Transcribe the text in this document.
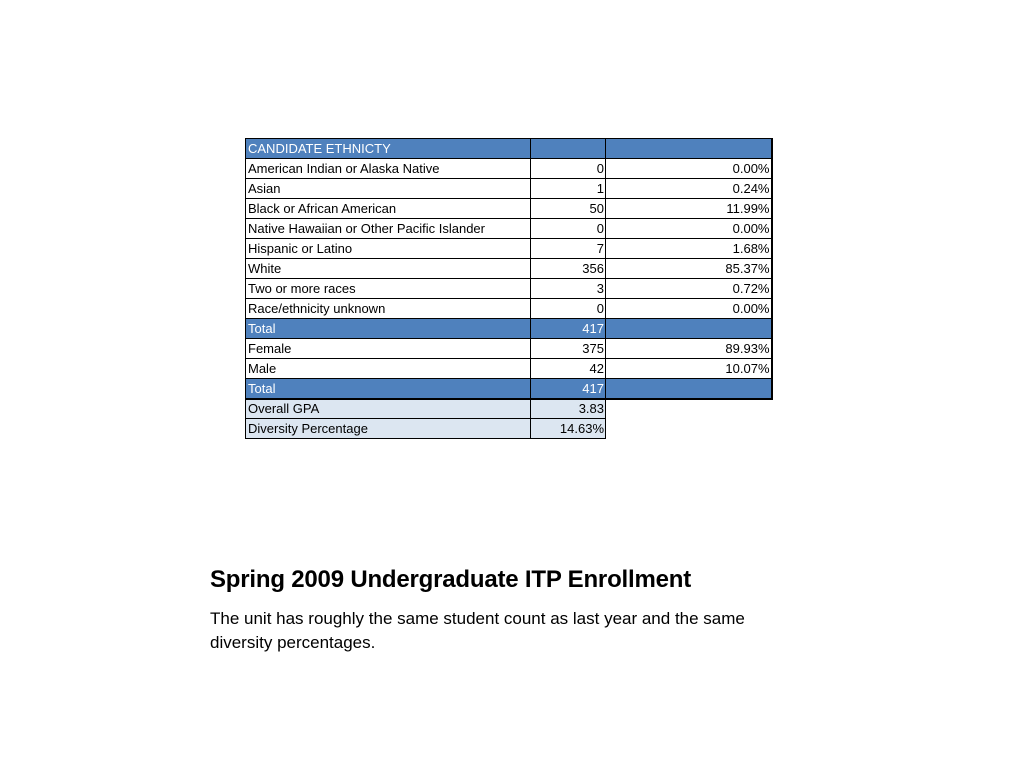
CANDIDATE ETHNICTY		
American Indian or Alaska Native	0	0.00%
Asian	1	0.24%
Black or African American	50	11.99%
Native Hawaiian or Other Pacific Islander	0	0.00%
Hispanic or Latino	7	1.68%
White	356	85.37%
Two or more races	3	0.72%
Race/ethnicity unknown	0	0.00%
Total	417	
Female	375	89.93%
Male	42	10.07%
Total	417	
Overall GPA	3.83	
Diversity Percentage	14.63%	
Spring 2009 Undergraduate ITP Enrollment

The unit has roughly the same student count as last year and the same diversity percentages.
